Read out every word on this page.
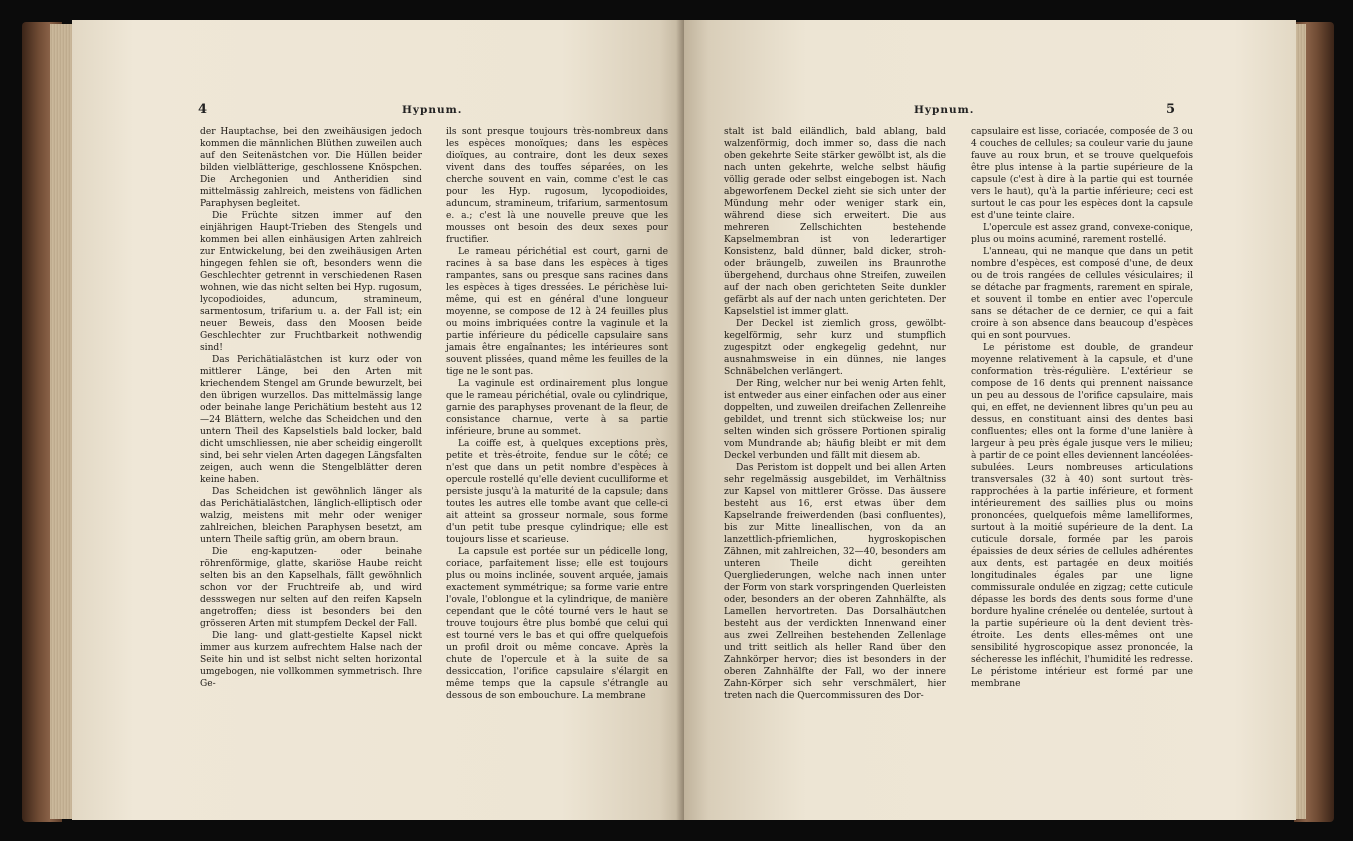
4	Hypnum.

der Hauptachse, bei den zweihäusigen jedoch kommen die männlichen Blüthen zuweilen auch auf den Seitenästchen vor. Die Hüllen beider bilden vielblätterige, geschlossene Knöspchen. Die Archegonien und Antheridien sind mittelmässig zahlreich, meistens von fädlichen Paraphysen begleitet.

Die Früchte sitzen immer auf den einjährigen Haupt-Trieben des Stengels und kommen bei allen einhäusigen Arten zahlreich zur Entwickelung, bei den zweihäusigen Arten hingegen fehlen sie oft, besonders wenn die Geschlechter getrennt in verschiedenen Rasen wohnen, wie das nicht selten bei Hyp. rugosum, lycopodioides, aduncum, stramineum, sarmentosum, trifarium u. a. der Fall ist; ein neuer Beweis, dass den Moosen beide Geschlechter zur Fruchtbarkeit nothwendig sind!

Das Perichätialästchen ist kurz oder von mittlerer Länge, bei den Arten mit kriechendem Stengel am Grunde bewurzelt, bei den übrigen wurzellos. Das mittelmässig lange oder beinahe lange Perichätium besteht aus 12—24 Blättern, welche das Scheidchen und den untern Theil des Kapselstiels bald locker, bald dicht umschliessen, nie aber scheidig eingerollt sind, bei sehr vielen Arten dagegen Längsfalten zeigen, auch wenn die Stengelblätter deren keine haben.

Das Scheidchen ist gewöhnlich länger als das Perichätialästchen, länglich-elliptisch oder walzig, meistens mit mehr oder weniger zahlreichen, bleichen Paraphysen besetzt, am untern Theile saftig grün, am obern braun.

Die eng-kaputzen- oder beinahe röhrenförmige, glatte, skariöse Haube reicht selten bis an den Kapselhals, fällt gewöhnlich schon vor der Fruchtreife ab, und wird dessswegen nur selten auf den reifen Kapseln angetroffen; diess ist besonders bei den grösseren Arten mit stumpfem Deckel der Fall.

Die lang- und glatt-gestielte Kapsel nickt immer aus kurzem aufrechtem Halse nach der Seite hin und ist selbst nicht selten horizontal umgebogen, nie vollkommen symmetrisch. Ihre Ge-

ils sont presque toujours très-nombreux dans les espèces monoïques; dans les espèces dioïques, au contraire, dont les deux sexes vivent dans des touffes séparées, on les cherche souvent en vain, comme c'est le cas pour les Hyp. rugosum, lycopodioides, aduncum, stramineum, trifarium, sarmentosum e. a.; c'est là une nouvelle preuve que les mousses ont besoin des deux sexes pour fructifier.

Le rameau périchétial est court, garni de racines à sa base dans les espèces à tiges rampantes, sans ou presque sans racines dans les espèces à tiges dressées. Le périchèse lui-même, qui est en général d'une longueur moyenne, se compose de 12 à 24 feuilles plus ou moins imbriquées contre la vaginule et la partie inférieure du pédicelle capsulaire sans jamais être engaînantes; les intérieures sont souvent plissées, quand même les feuilles de la tige ne le sont pas.

La vaginule est ordinairement plus longue que le rameau périchétial, ovale ou cylindrique, garnie des paraphyses provenant de la fleur, de consistance charnue, verte à sa partie inférieure, brune au sommet.

La coiffe est, à quelques exceptions près, petite et très-étroite, fendue sur le côté; ce n'est que dans un petit nombre d'espèces à opercule rostellé qu'elle devient cuculliforme et persiste jusqu'à la maturité de la capsule; dans toutes les autres elle tombe avant que celle-ci ait atteint sa grosseur normale, sous forme d'un petit tube presque cylindrique; elle est toujours lisse et scarieuse.

La capsule est portée sur un pédicelle long, coriace, parfaitement lisse; elle est toujours plus ou moins inclinée, souvent arquée, jamais exactement symmétrique; sa forme varie entre l'ovale, l'oblongue et la cylindrique, de manière cependant que le côté tourné vers le haut se trouve toujours être plus bombé que celui qui est tourné vers le bas et qui offre quelquefois un profil droit ou même concave. Après la chute de l'opercule et à la suite de sa dessiccation, l'orifice capsulaire s'élargit en même temps que la capsule s'étrangle au dessous de son embouchure. La membrane

Hypnum.	5

stalt ist bald eiländlich, bald ablang, bald walzenförmig, doch immer so, dass die nach oben gekehrte Seite stärker gewölbt ist, als die nach unten gekehrte, welche selbst häufig völlig gerade oder selbst eingebogen ist. Nach abgeworfenem Deckel zieht sie sich unter der Mündung mehr oder weniger stark ein, während diese sich erweitert. Die aus mehreren Zellschichten bestehende Kapselmembran ist von lederartiger Konsistenz, bald dünner, bald dicker, stroh- oder bräungelb, zuweilen ins Braunrothe übergehend, durchaus ohne Streifen, zuweilen auf der nach oben gerichteten Seite dunkler gefärbt als auf der nach unten gerichteten. Der Kapselstiel ist immer glatt.

Der Deckel ist ziemlich gross, gewölbt-kegelförmig, sehr kurz und stumpflich zugespitzt oder engkegelig gedehnt, nur ausnahmsweise in ein dünnes, nie langes Schnäbelchen verlängert.

Der Ring, welcher nur bei wenig Arten fehlt, ist entweder aus einer einfachen oder aus einer doppelten, und zuweilen dreifachen Zellenreihe gebildet, und trennt sich stückweise los; nur selten winden sich grössere Portionen spiralig vom Mundrande ab; häufig bleibt er mit dem Deckel verbunden und fällt mit diesem ab.

Das Peristom ist doppelt und bei allen Arten sehr regelmässig ausgebildet, im Verhältniss zur Kapsel von mittlerer Grösse. Das äussere besteht aus 16, erst etwas über dem Kapselrande freiwerdenden (basi confluentes), bis zur Mitte lineallischen, von da an lanzettlich-pfriemlichen, hygroskopischen Zähnen, mit zahlreichen, 32—40, besonders am unteren Theile dicht gereihten Quergliederungen, welche nach innen unter der Form von stark vorspringenden Querleisten oder, besonders an der oberen Zahnhälfte, als Lamellen hervortreten. Das Dorsalhäutchen besteht aus der verdickten Innenwand einer aus zwei Zellreihen bestehenden Zellenlage und tritt seitlich als heller Rand über den Zahnkörper hervor; dies ist besonders in der oberen Zahnhälfte der Fall, wo der innere Zahn-Körper sich sehr verschmälert, hier treten nach die Quercommissuren des Dor-

capsulaire est lisse, coriacée, composée de 3 ou 4 couches de cellules; sa couleur varie du jaune fauve au roux brun, et se trouve quelquefois être plus intense à la partie supérieure de la capsule (c'est à dire à la partie qui est tournée vers le haut), qu'à la partie inférieure; ceci est surtout le cas pour les espèces dont la capsule est d'une teinte claire.

L'opercule est assez grand, convexe-conique, plus ou moins acuminé, rarement rostellé.

L'anneau, qui ne manque que dans un petit nombre d'espèces, est composé d'une, de deux ou de trois rangées de cellules vésiculaires; il se détache par fragments, rarement en spirale, et souvent il tombe en entier avec l'opercule sans se détacher de ce dernier, ce qui a fait croire à son absence dans beaucoup d'espèces qui en sont pourvues.

Le péristome est double, de grandeur moyenne relativement à la capsule, et d'une conformation très-régulière. L'extérieur se compose de 16 dents qui prennent naissance un peu au dessous de l'orifice capsulaire, mais qui, en effet, ne deviennent libres qu'un peu au dessus, en constituant ainsi des dentes basi confluentes; elles ont la forme d'une lanière à largeur à peu près égale jusque vers le milieu; à partir de ce point elles deviennent lancéolées-subulées. Leurs nombreuses articulations transversales (32 à 40) sont surtout très-rapprochées à la partie inférieure, et forment intérieurement des saillies plus ou moins prononcées, quelquefois même lamelliformes, surtout à la moitié supérieure de la dent. La cuticule dorsale, formée par les parois épaissies de deux séries de cellules adhérentes aux dents, est partagée en deux moitiés longitudinales égales par une ligne commissurale ondulée en zigzag; cette cuticule dépasse les bords des dents sous forme d'une bordure hyaline crénelée ou dentelée, surtout à la partie supérieure où la dent devient très-étroite. Les dents elles-mêmes ont une sensibilité hygroscopique assez prononcée, la sécheresse les infléchit, l'humidité les redresse. Le péristome intérieur est formé par une membrane
